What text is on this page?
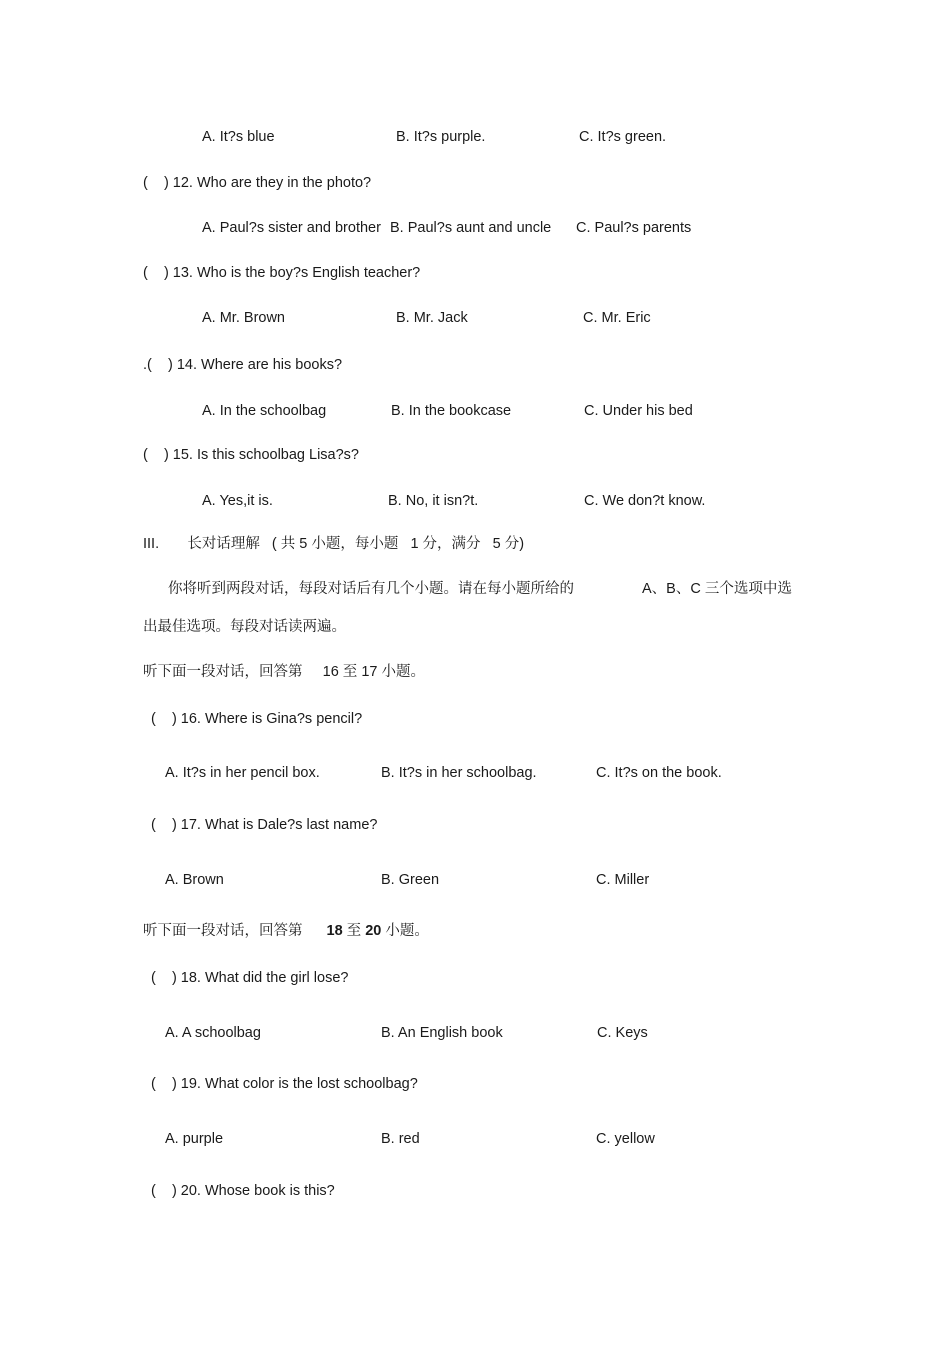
A. It?s blue	B. It?s purple.	C. It?s green.
(    ) 12. Who are they in the photo?
A. Paul?s sister and brother B. Paul?s aunt and uncle C. Paul?s parents
(    ) 13. Who is the boy?s English teacher?
A. Mr. Brown	B. Mr. Jack	C. Mr. Eric
.(    ) 14. Where are his books?
A. In the schoolbag	B. In the bookcase	C. Under his bed
(    ) 15. Is this schoolbag Lisa?s?
A. Yes,it is.	B. No, it isn?t.	C. We don?t know.
III.       长对话理解   ( 共 5 小题，每小题   1 分，满分   5 分)
你将听到两段对话，每段对话后有几个小题。请在每小题所给的	A、B、C 三个选项中选
出最佳选项。每段对话读两遍。
听下面一段对话，回答第     16 至 17 小题。
(    ) 16. Where is Gina?s pencil?
A. It?s in her pencil box.	B. It?s in her schoolbag.	C. It?s on the book.
(    ) 17. What is Dale?s last name?
A. Brown	B. Green	C. Miller
听下面一段对话，回答第 18 至 20 小题。
(    ) 18. What did the girl lose?
A. A schoolbag	B. An English book	C. Keys
(    ) 19. What color is the lost schoolbag?
A. purple	B. red	C. yellow
(    ) 20. Whose book is this?
